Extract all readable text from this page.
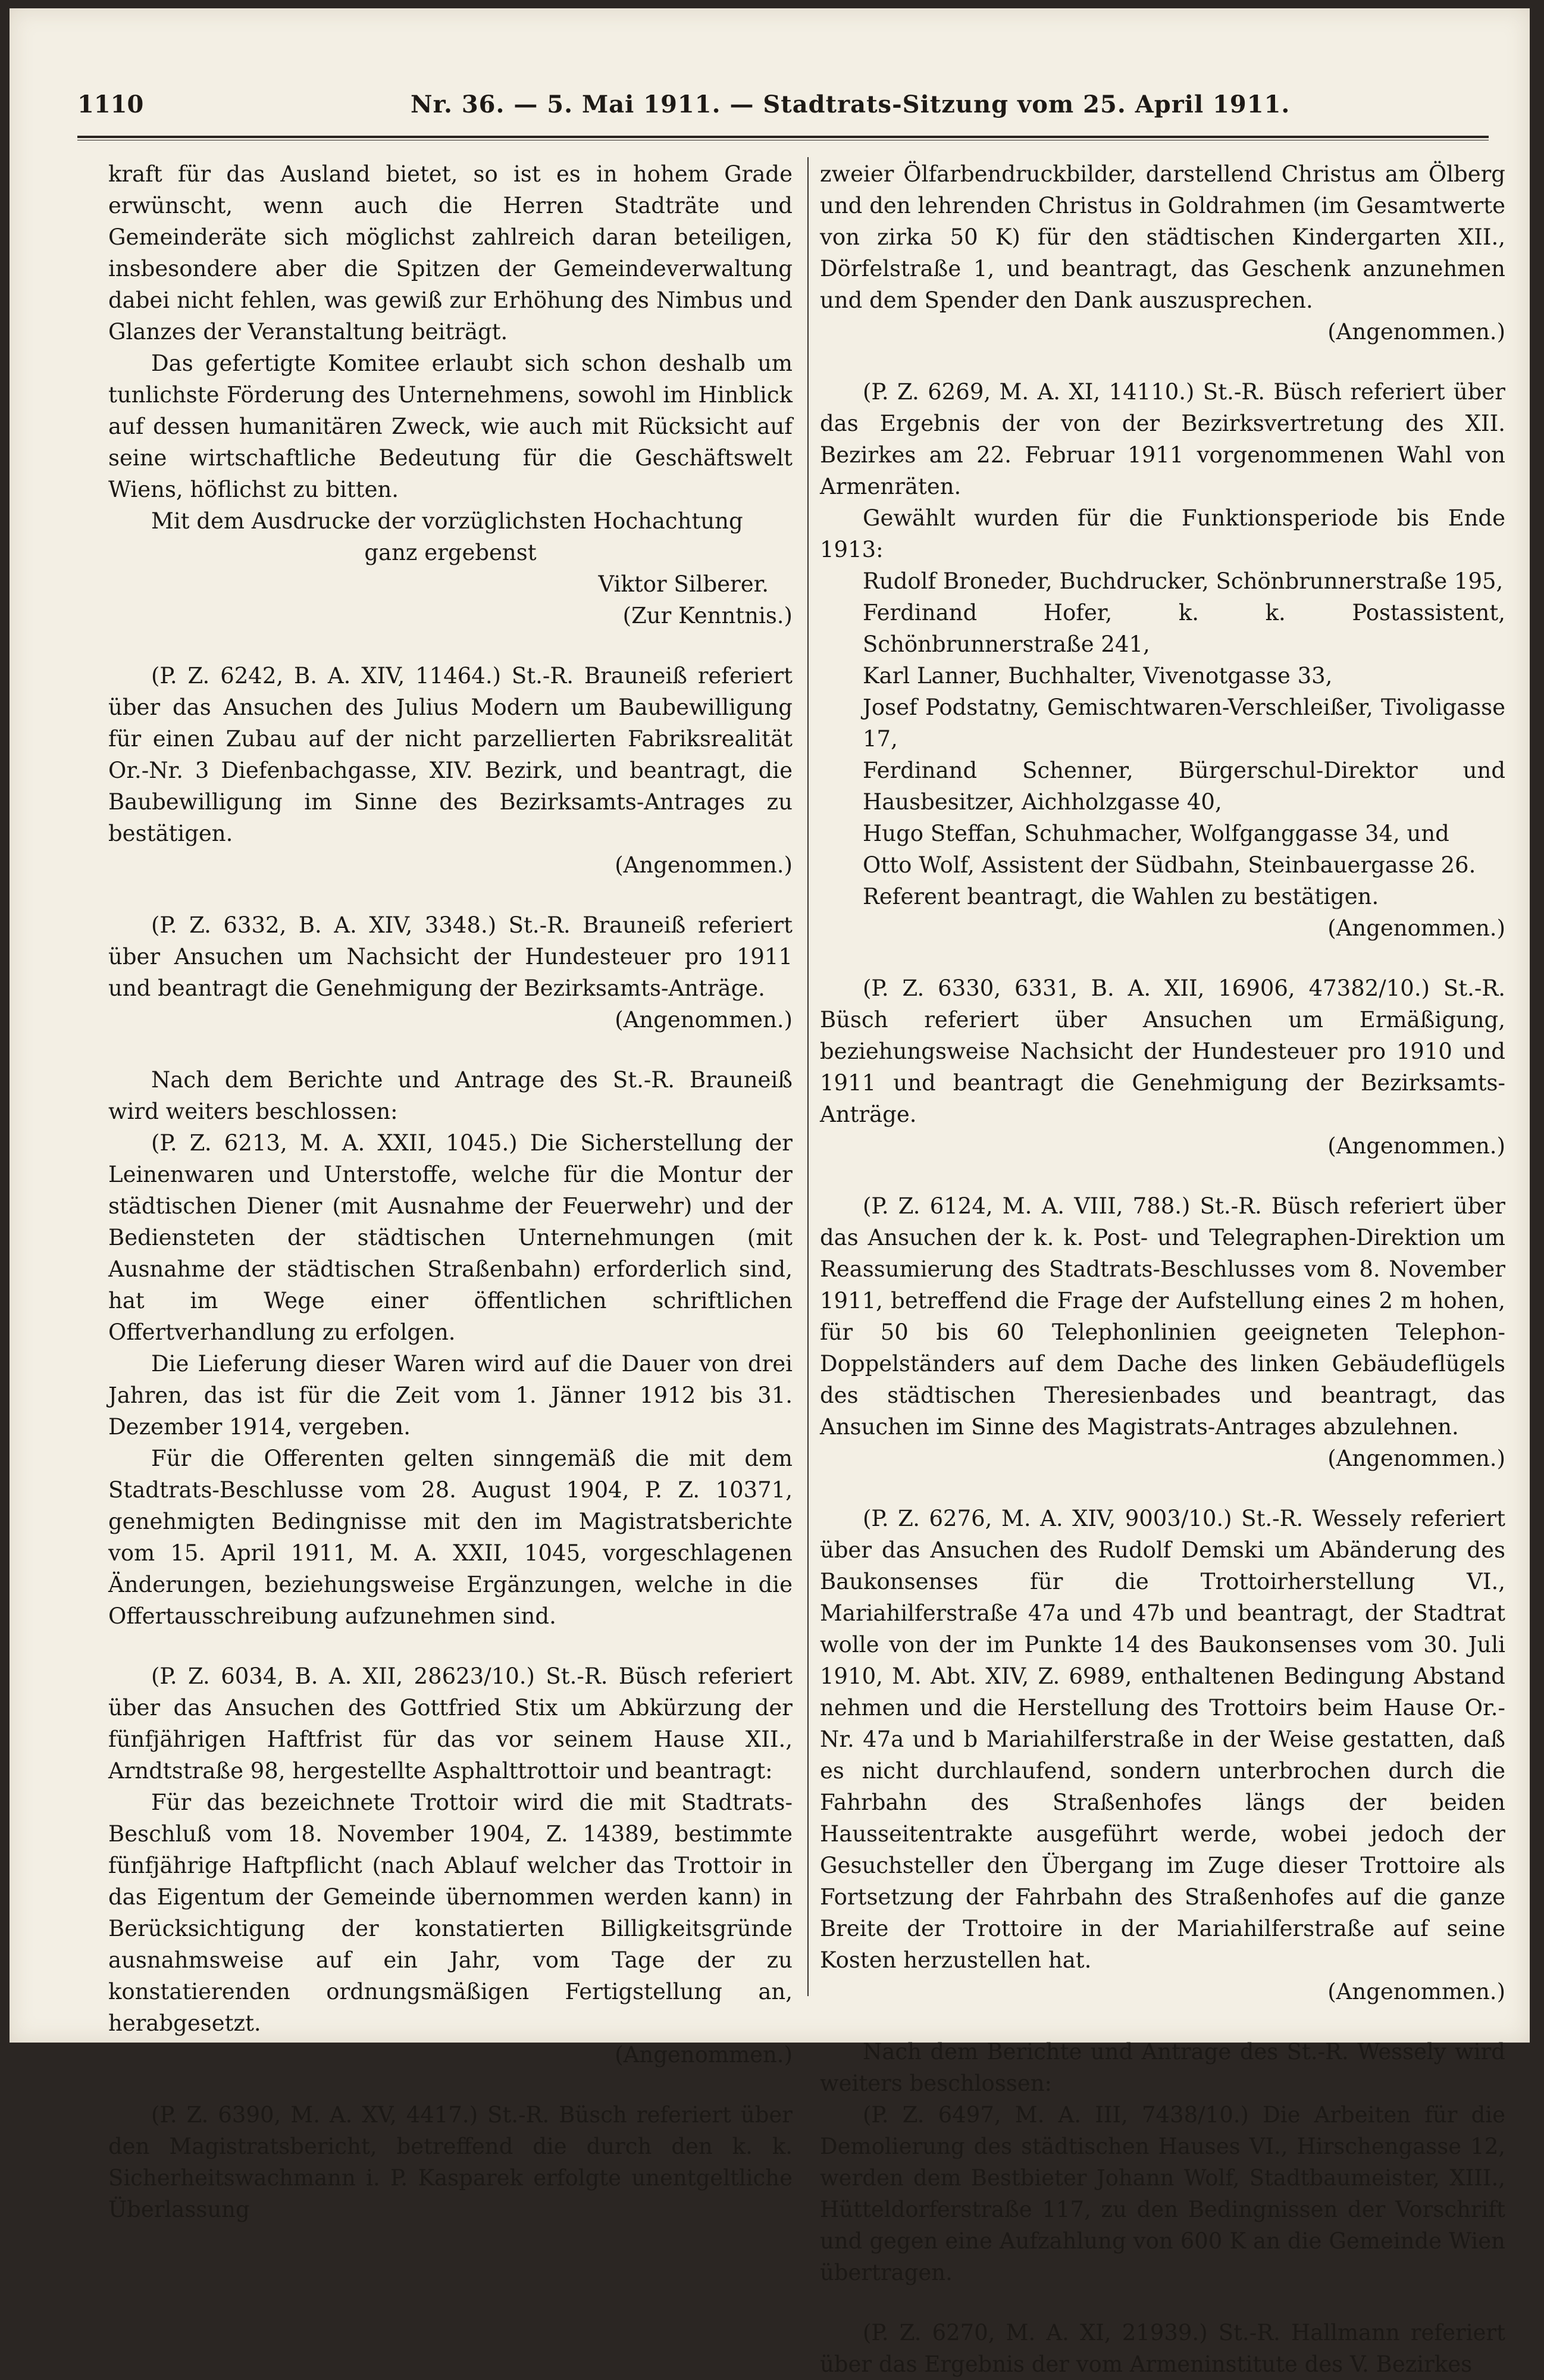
1110	Nr. 36. — 5. Mai 1911. — Stadtrats-Sitzung vom 25. April 1911.

kraft für das Ausland bietet, so ist es in hohem Grade erwünscht, wenn auch die Herren Stadträte und Gemeinderäte sich möglichst zahlreich daran beteiligen, insbesondere aber die Spitzen der Gemeindeverwaltung dabei nicht fehlen, was gewiß zur Erhöhung des Nimbus und Glanzes der Veranstaltung beiträgt.

Das gefertigte Komitee erlaubt sich schon deshalb um tunlichste Förderung des Unternehmens, sowohl im Hinblick auf dessen humanitären Zweck, wie auch mit Rücksicht auf seine wirtschaftliche Bedeutung für die Geschäftswelt Wiens, höflichst zu bitten.

Mit dem Ausdrucke der vorzüglichsten Hochachtung

ganz ergebenst

Viktor Silberer.

(Zur Kenntnis.)

(P. Z. 6242, B. A. XIV, 11464.) St.-R. Brauneiß referiert über das Ansuchen des Julius Modern um Baubewilligung für einen Zubau auf der nicht parzellierten Fabriksrealität Or.-Nr. 3 Diefenbachgasse, XIV. Bezirk, und beantragt, die Baubewilligung im Sinne des Bezirksamts-Antrages zu bestätigen.

(Angenommen.)

(P. Z. 6332, B. A. XIV, 3348.) St.-R. Brauneiß referiert über Ansuchen um Nachsicht der Hundesteuer pro 1911 und beantragt die Genehmigung der Bezirksamts-Anträge.

(Angenommen.)

Nach dem Berichte und Antrage des St.-R. Brauneiß wird weiters beschlossen:

(P. Z. 6213, M. A. XXII, 1045.) Die Sicherstellung der Leinenwaren und Unterstoffe, welche für die Montur der städtischen Diener (mit Ausnahme der Feuerwehr) und der Bediensteten der städtischen Unternehmungen (mit Ausnahme der städtischen Straßenbahn) erforderlich sind, hat im Wege einer öffentlichen schriftlichen Offertverhandlung zu erfolgen.

Die Lieferung dieser Waren wird auf die Dauer von drei Jahren, das ist für die Zeit vom 1. Jänner 1912 bis 31. Dezember 1914, vergeben.

Für die Offerenten gelten sinngemäß die mit dem Stadtrats-Beschlusse vom 28. August 1904, P. Z. 10371, genehmigten Bedingnisse mit den im Magistratsberichte vom 15. April 1911, M. A. XXII, 1045, vorgeschlagenen Änderungen, beziehungsweise Ergänzungen, welche in die Offertausschreibung aufzunehmen sind.

(P. Z. 6034, B. A. XII, 28623/10.) St.-R. Büsch referiert über das Ansuchen des Gottfried Stix um Abkürzung der fünfjährigen Haftfrist für das vor seinem Hause XII., Arndtstraße 98, hergestellte Asphalttrottoir und beantragt:

Für das bezeichnete Trottoir wird die mit Stadtrats-Beschluß vom 18. November 1904, Z. 14389, bestimmte fünfjährige Haftpflicht (nach Ablauf welcher das Trottoir in das Eigentum der Gemeinde übernommen werden kann) in Berücksichtigung der konstatierten Billigkeitsgründe ausnahmsweise auf ein Jahr, vom Tage der zu konstatierenden ordnungsmäßigen Fertigstellung an, herabgesetzt.

(Angenommen.)

(P. Z. 6390, M. A. XV, 4417.) St.-R. Büsch referiert über den Magistratsbericht, betreffend die durch den k. k. Sicherheitswachmann i. P. Kasparek erfolgte unentgeltliche Überlassung

zweier Ölfarbendruckbilder, darstellend Christus am Ölberg und den lehrenden Christus in Goldrahmen (im Gesamtwerte von zirka 50 K) für den städtischen Kindergarten XII., Dörfelstraße 1, und beantragt, das Geschenk anzunehmen und dem Spender den Dank auszusprechen.

(Angenommen.)

(P. Z. 6269, M. A. XI, 14110.) St.-R. Büsch referiert über das Ergebnis der von der Bezirksvertretung des XII. Bezirkes am 22. Februar 1911 vorgenommenen Wahl von Armenräten.

Gewählt wurden für die Funktionsperiode bis Ende 1913:

Rudolf Broneder, Buchdrucker, Schönbrunnerstraße 195,

Ferdinand Hofer, k. k. Postassistent, Schönbrunnerstraße 241,

Karl Lanner, Buchhalter, Vivenotgasse 33,

Josef Podstatny, Gemischtwaren-Verschleißer, Tivoligasse 17,

Ferdinand Schenner, Bürgerschul-Direktor und Hausbesitzer, Aichholzgasse 40,

Hugo Steffan, Schuhmacher, Wolfganggasse 34, und

Otto Wolf, Assistent der Südbahn, Steinbauergasse 26.

Referent beantragt, die Wahlen zu bestätigen.

(Angenommen.)

(P. Z. 6330, 6331, B. A. XII, 16906, 47382/10.) St.-R. Büsch referiert über Ansuchen um Ermäßigung, beziehungsweise Nachsicht der Hundesteuer pro 1910 und 1911 und beantragt die Genehmigung der Bezirksamts-Anträge.

(Angenommen.)

(P. Z. 6124, M. A. VIII, 788.) St.-R. Büsch referiert über das Ansuchen der k. k. Post- und Telegraphen-Direktion um Reassumierung des Stadtrats-Beschlusses vom 8. November 1911, betreffend die Frage der Aufstellung eines 2 m hohen, für 50 bis 60 Telephonlinien geeigneten Telephon-Doppelständers auf dem Dache des linken Gebäudeflügels des städtischen Theresienbades und beantragt, das Ansuchen im Sinne des Magistrats-Antrages abzulehnen.

(Angenommen.)

(P. Z. 6276, M. A. XIV, 9003/10.) St.-R. Wessely referiert über das Ansuchen des Rudolf Demski um Abänderung des Baukonsenses für die Trottoirherstellung VI., Mariahilferstraße 47a und 47b und beantragt, der Stadtrat wolle von der im Punkte 14 des Baukonsenses vom 30. Juli 1910, M. Abt. XIV, Z. 6989, enthaltenen Bedingung Abstand nehmen und die Herstellung des Trottoirs beim Hause Or.-Nr. 47a und b Mariahilferstraße in der Weise gestatten, daß es nicht durchlaufend, sondern unterbrochen durch die Fahrbahn des Straßenhofes längs der beiden Hausseitentrakte ausgeführt werde, wobei jedoch der Gesuchsteller den Übergang im Zuge dieser Trottoire als Fortsetzung der Fahrbahn des Straßenhofes auf die ganze Breite der Trottoire in der Mariahilferstraße auf seine Kosten herzustellen hat.

(Angenommen.)

Nach dem Berichte und Antrage des St.-R. Wessely wird weiters beschlossen:

(P. Z. 6497, M. A. III, 7438/10.) Die Arbeiten für die Demolierung des städtischen Hauses VI., Hirschengasse 12, werden dem Bestbieter Johann Wolf, Stadtbaumeister, XIII., Hütteldorferstraße 117, zu den Bedingnissen der Vorschrift und gegen eine Aufzahlung von 600 K an die Gemeinde Wien übertragen.

(P. Z. 6270, M. A. XI, 21939.) St.-R. Hallmann referiert über das Ergebnis der vom Armeninstitute des V. Bezirkes
